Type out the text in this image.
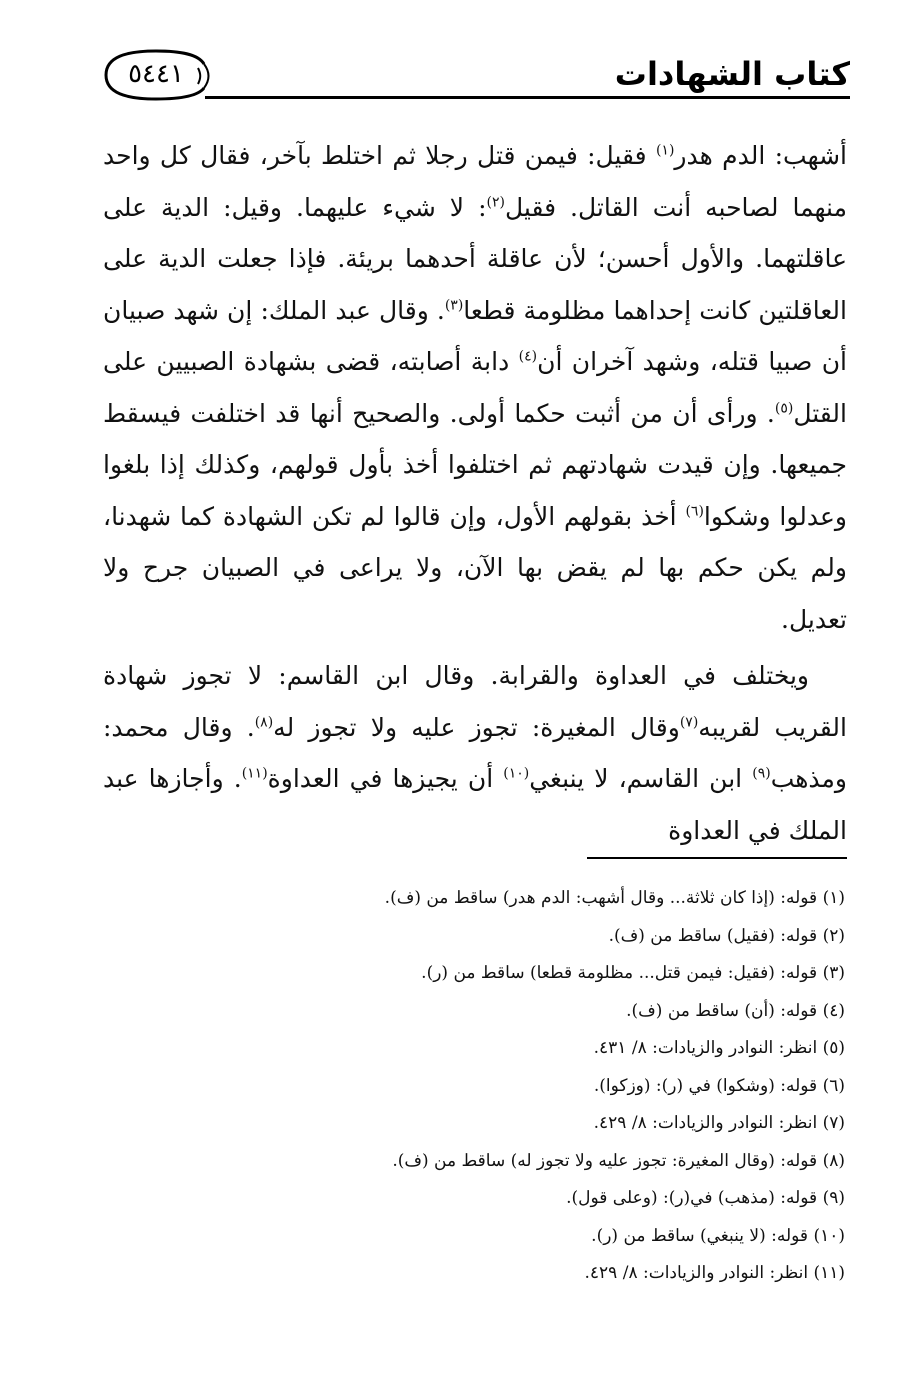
كتاب الشهادات
٥٤٤١

أشهب: الدم هدر$^{(١)}$ فقيل: فيمن قتل رجلا ثم اختلط بآخر، فقال كل واحد منهما لصاحبه أنت القاتل. فقيل$^{(٢)}$: لا شيء عليهما. وقيل: الدية على عاقلتهما. والأول أحسن؛ لأن عاقلة أحدهما بريئة. فإذا جعلت الدية على العاقلتين كانت إحداهما مظلومة قطعا$^{(٣)}$. وقال عبد الملك: إن شهد صبيان أن صبيا قتله، وشهد آخران أن$^{(٤)}$ دابة أصابته، قضى بشهادة الصبيين على القتل$^{(٥)}$. ورأى أن من أثبت حكما أولى. والصحيح أنها قد اختلفت فيسقط جميعها. وإن قيدت شهادتهم ثم اختلفوا أخذ بأول قولهم، وكذلك إذا بلغوا وعدلوا وشكوا$^{(٦)}$ أخذ بقولهم الأول، وإن قالوا لم تكن الشهادة كما شهدنا، ولم يكن حكم بها لم يقض بها الآن، ولا يراعى في الصبيان جرح ولا تعديل.

ويختلف في العداوة والقرابة. وقال ابن القاسم: لا تجوز شهادة القريب لقريبه$^{(٧)}$وقال المغيرة: تجوز عليه ولا تجوز له$^{(٨)}$. وقال محمد: ومذهب$^{(٩)}$ ابن القاسم، لا ينبغي$^{(١٠)}$ أن يجيزها في العداوة$^{(١١)}$. وأجازها عبد الملك في العداوة

(١) قوله: (إذا كان ثلاثة... وقال أشهب: الدم هدر) ساقط من (ف).
(٢) قوله: (فقيل) ساقط من (ف).
(٣) قوله: (فقيل: فيمن قتل... مظلومة قطعا) ساقط من (ر).
(٤) قوله: (أن) ساقط من (ف).
(٥) انظر: النوادر والزيادات: ٨/ ٤٣١.
(٦) قوله: (وشكوا) في (ر): (وزكوا).
(٧) انظر: النوادر والزيادات: ٨/ ٤٢٩.
(٨) قوله: (وقال المغيرة: تجوز عليه ولا تجوز له) ساقط من (ف).
(٩) قوله: (مذهب) في(ر): (وعلى قول).
(١٠) قوله: (لا ينبغي) ساقط من (ر).
(١١) انظر: النوادر والزيادات: ٨/ ٤٢٩.
